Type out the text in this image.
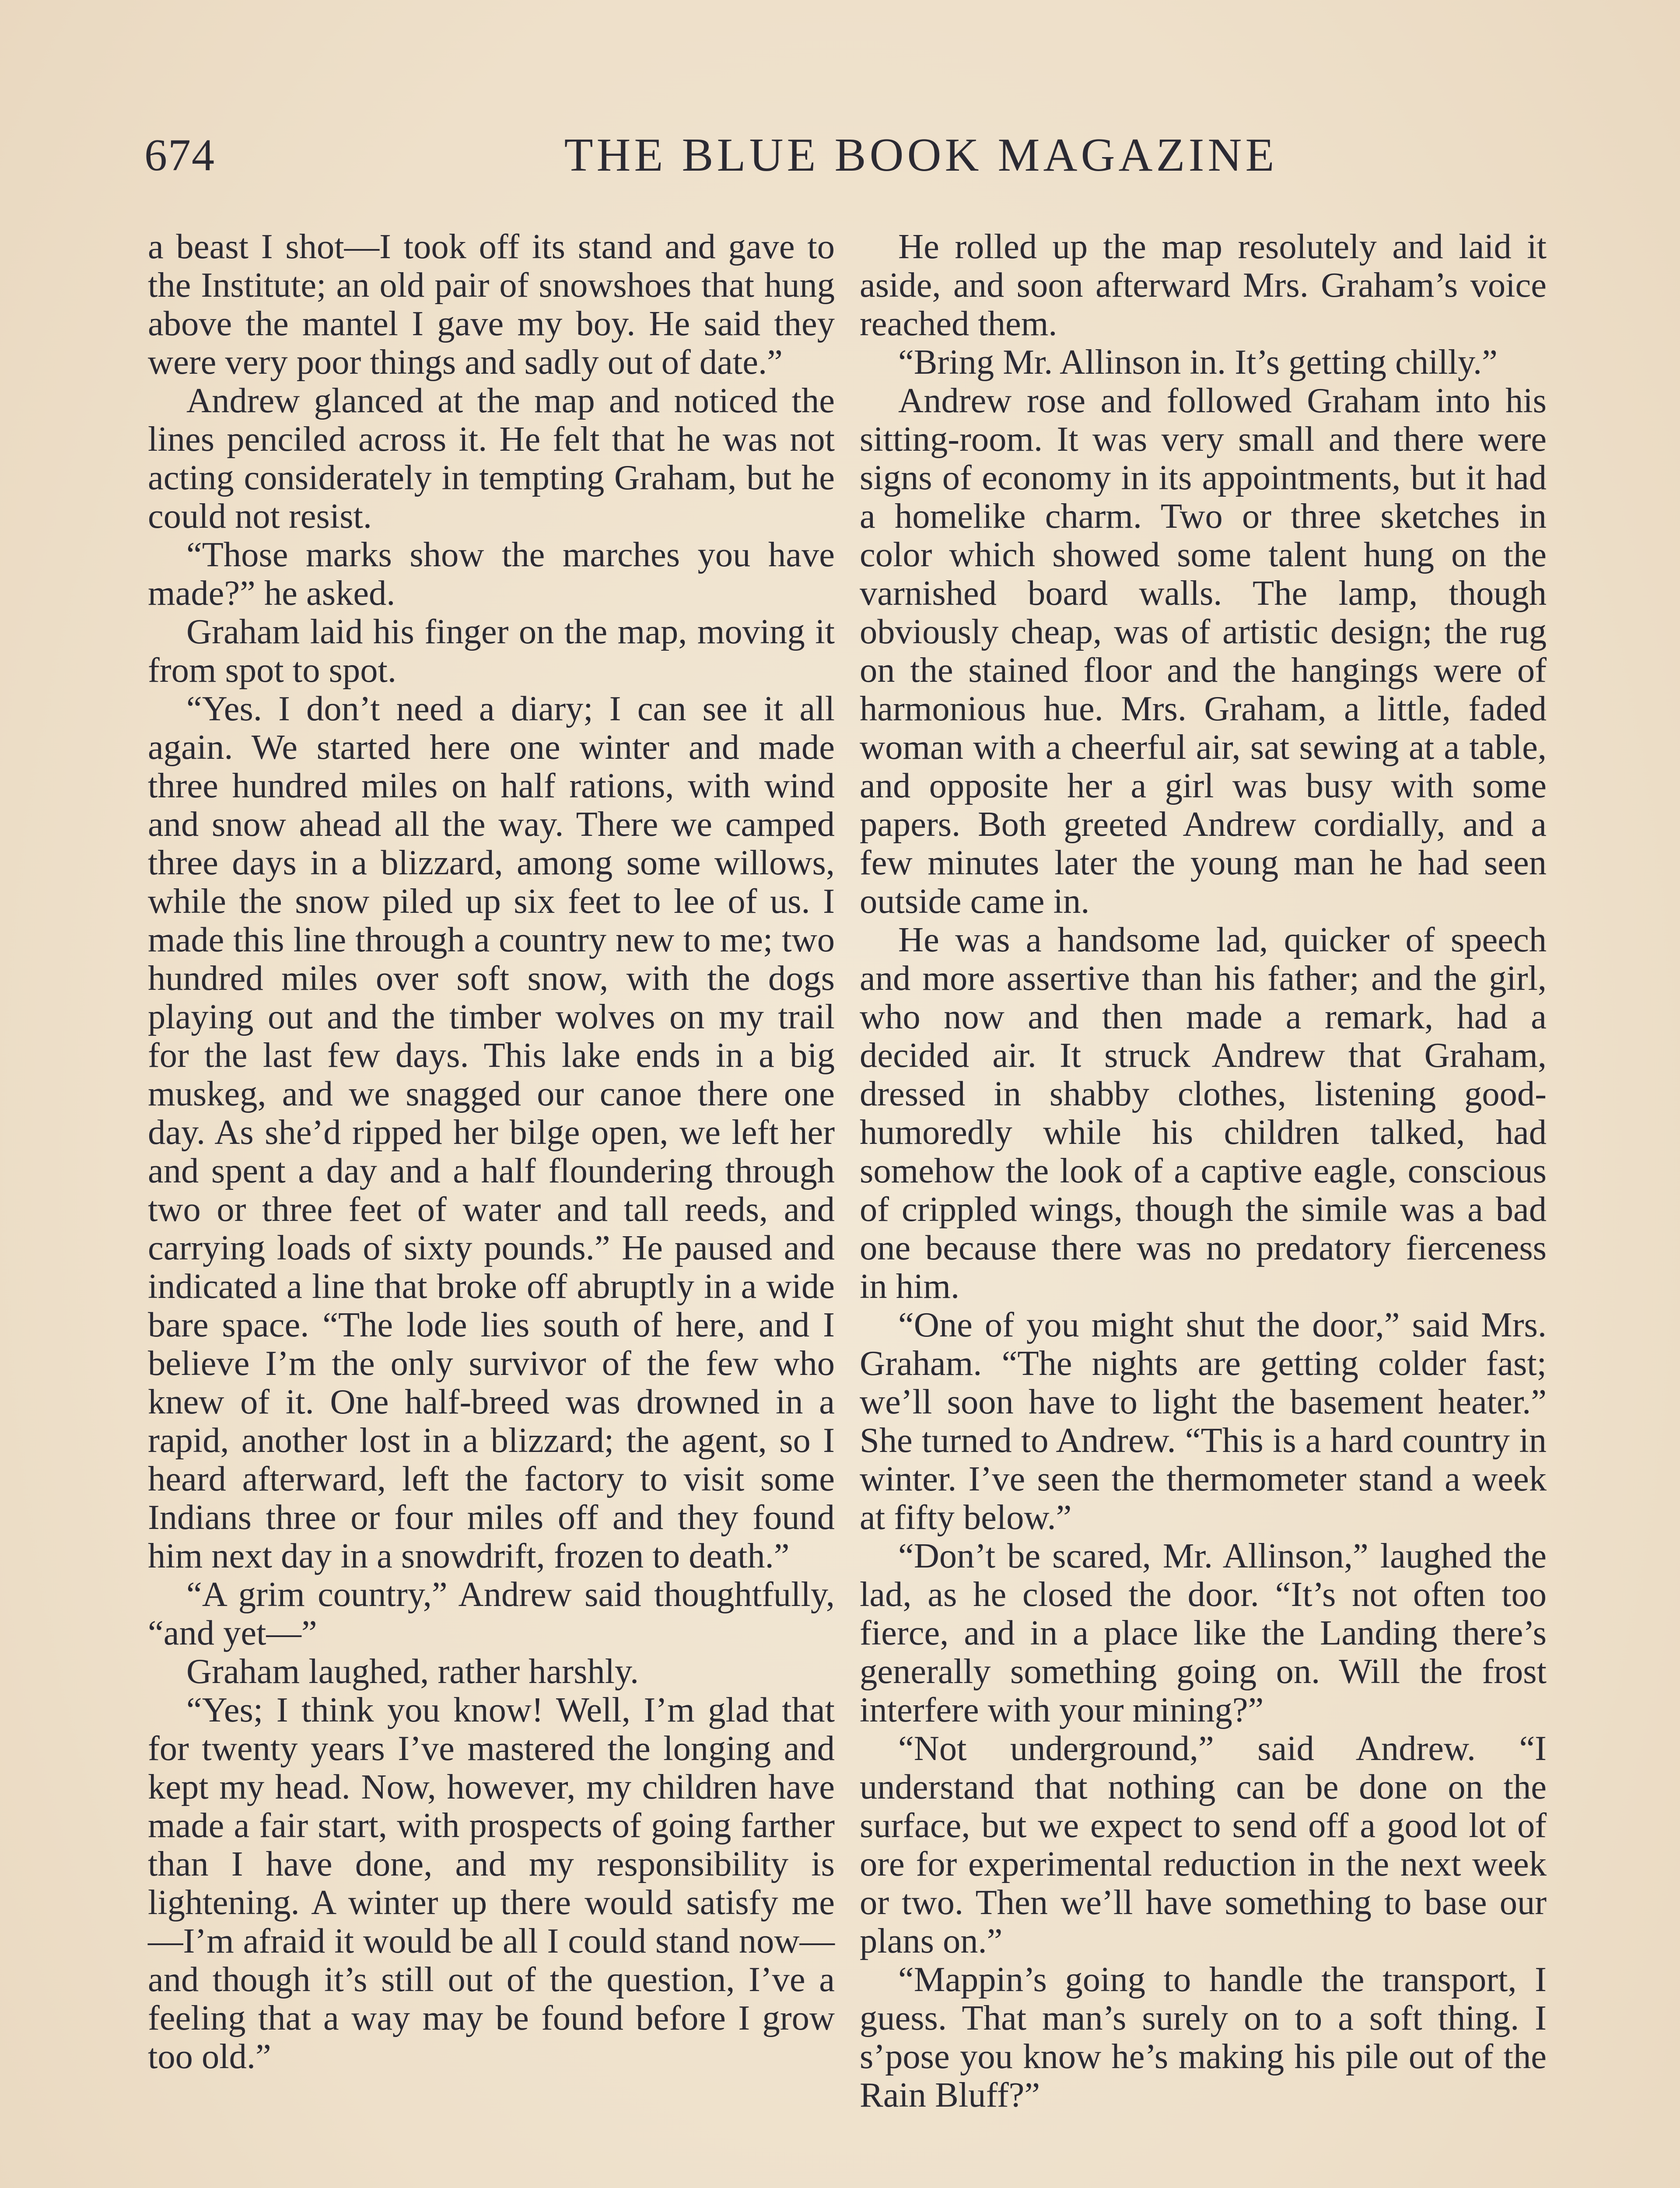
674	THE BLUE BOOK MAGAZINE

a beast I shot—I took off its stand and gave to the Institute; an old pair of snowshoes that hung above the mantel I gave my boy. He said they were very poor things and sadly out of date.”

Andrew glanced at the map and noticed the lines penciled across it. He felt that he was not acting considerately in tempting Graham, but he could not resist.

“Those marks show the marches you have made?” he asked.

Graham laid his finger on the map, moving it from spot to spot.

“Yes. I don’t need a diary; I can see it all again. We started here one winter and made three hundred miles on half rations, with wind and snow ahead all the way. There we camped three days in a blizzard, among some willows, while the snow piled up six feet to lee of us. I made this line through a country new to me; two hundred miles over soft snow, with the dogs playing out and the timber wolves on my trail for the last few days. This lake ends in a big muskeg, and we snagged our canoe there one day. As she’d ripped her bilge open, we left her and spent a day and a half floundering through two or three feet of water and tall reeds, and carrying loads of sixty pounds.” He paused and indicated a line that broke off abruptly in a wide bare space. “The lode lies south of here, and I believe I’m the only survivor of the few who knew of it. One half-breed was drowned in a rapid, another lost in a blizzard; the agent, so I heard afterward, left the factory to visit some Indians three or four miles off and they found him next day in a snowdrift, frozen to death.”

“A grim country,” Andrew said thoughtfully, “and yet—”

Graham laughed, rather harshly.

“Yes; I think you know! Well, I’m glad that for twenty years I’ve mastered the longing and kept my head. Now, however, my children have made a fair start, with prospects of going farther than I have done, and my responsibility is lightening. A winter up there would satisfy me—I’m afraid it would be all I could stand now—and though it’s still out of the question, I’ve a feeling that a way may be found before I grow too old.”

He rolled up the map resolutely and laid it aside, and soon afterward Mrs. Graham’s voice reached them.

“Bring Mr. Allinson in. It’s getting chilly.”

Andrew rose and followed Graham into his sitting-room. It was very small and there were signs of economy in its appointments, but it had a homelike charm. Two or three sketches in color which showed some talent hung on the varnished board walls. The lamp, though obviously cheap, was of artistic design; the rug on the stained floor and the hangings were of harmonious hue. Mrs. Graham, a little, faded woman with a cheerful air, sat sewing at a table, and opposite her a girl was busy with some papers. Both greeted Andrew cordially, and a few minutes later the young man he had seen outside came in.

He was a handsome lad, quicker of speech and more assertive than his father; and the girl, who now and then made a remark, had a decided air. It struck Andrew that Graham, dressed in shabby clothes, listening good-humoredly while his children talked, had somehow the look of a captive eagle, conscious of crippled wings, though the simile was a bad one because there was no predatory fierceness in him.

“One of you might shut the door,” said Mrs. Graham. “The nights are getting colder fast; we’ll soon have to light the basement heater.” She turned to Andrew. “This is a hard country in winter. I’ve seen the thermometer stand a week at fifty below.”

“Don’t be scared, Mr. Allinson,” laughed the lad, as he closed the door. “It’s not often too fierce, and in a place like the Landing there’s generally something going on. Will the frost interfere with your mining?”

“Not underground,” said Andrew. “I understand that nothing can be done on the surface, but we expect to send off a good lot of ore for experimental reduction in the next week or two. Then we’ll have something to base our plans on.”

“Mappin’s going to handle the transport, I guess. That man’s surely on to a soft thing. I s’pose you know he’s making his pile out of the Rain Bluff?”
